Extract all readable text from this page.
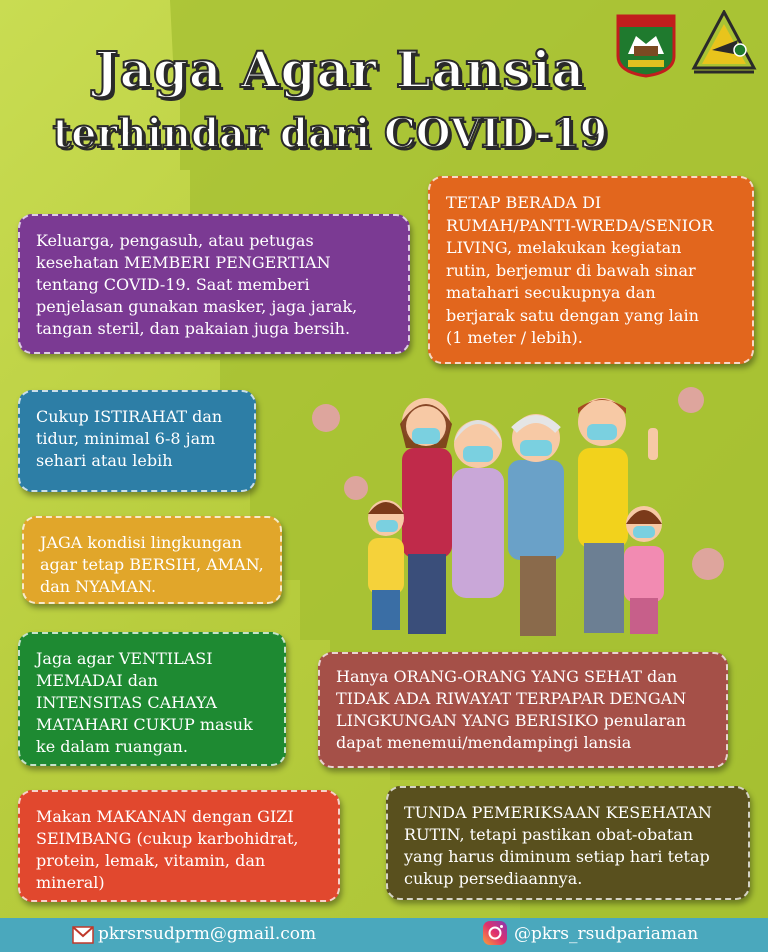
Jaga Agar Lansia
terhindar dari COVID-19
Keluarga, pengasuh, atau petugas
kesehatan MEMBERI PENGERTIAN
tentang COVID-19. Saat memberi
penjelasan gunakan masker, jaga jarak,
tangan steril, dan pakaian juga bersih.
TETAP BERADA DI
RUMAH/PANTI-WREDA/SENIOR
LIVING, melakukan kegiatan
rutin, berjemur di bawah sinar
matahari secukupnya dan
berjarak satu dengan yang lain
(1 meter / lebih).
Cukup ISTIRAHAT dan
tidur, minimal 6-8 jam
sehari atau lebih
JAGA kondisi lingkungan
agar tetap BERSIH, AMAN,
dan NYAMAN.
Jaga agar VENTILASI
MEMADAI dan
INTENSITAS CAHAYA
MATAHARI CUKUP masuk
ke dalam ruangan.
Hanya ORANG-ORANG YANG SEHAT dan
TIDAK ADA RIWAYAT TERPAPAR DENGAN
LINGKUNGAN YANG BERISIKO penularan
dapat menemui/mendampingi lansia
Makan MAKANAN dengan GIZI
SEIMBANG (cukup karbohidrat,
protein, lemak, vitamin, dan
mineral)
TUNDA PEMERIKSAAN KESEHATAN
RUTIN, tetapi pastikan obat-obatan
yang harus diminum setiap hari tetap
cukup persediaannya.
pkrsrsudprm@gmail.com	@pkrs_rsudpariaman
